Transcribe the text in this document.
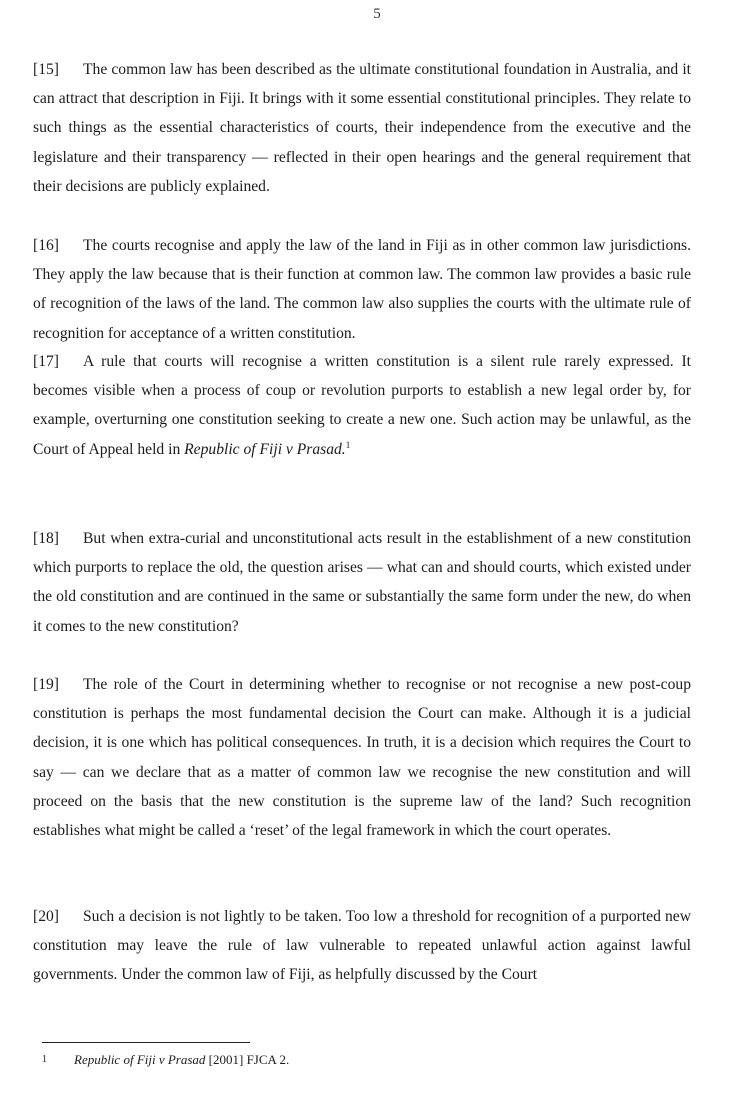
5
[15] The common law has been described as the ultimate constitutional foundation in Australia, and it can attract that description in Fiji. It brings with it some essential constitutional principles. They relate to such things as the essential characteristics of courts, their independence from the executive and the legislature and their transparency — reflected in their open hearings and the general requirement that their decisions are publicly explained.
[16] The courts recognise and apply the law of the land in Fiji as in other common law jurisdictions. They apply the law because that is their function at common law. The common law provides a basic rule of recognition of the laws of the land. The common law also supplies the courts with the ultimate rule of recognition for acceptance of a written constitution.
[17] A rule that courts will recognise a written constitution is a silent rule rarely expressed. It becomes visible when a process of coup or revolution purports to establish a new legal order by, for example, overturning one constitution seeking to create a new one. Such action may be unlawful, as the Court of Appeal held in Republic of Fiji v Prasad.$^1$
[18] But when extra-curial and unconstitutional acts result in the establishment of a new constitution which purports to replace the old, the question arises — what can and should courts, which existed under the old constitution and are continued in the same or substantially the same form under the new, do when it comes to the new constitution?
[19] The role of the Court in determining whether to recognise or not recognise a new post-coup constitution is perhaps the most fundamental decision the Court can make. Although it is a judicial decision, it is one which has political consequences. In truth, it is a decision which requires the Court to say — can we declare that as a matter of common law we recognise the new constitution and will proceed on the basis that the new constitution is the supreme law of the land? Such recognition establishes what might be called a ‘reset’ of the legal framework in which the court operates.
[20] Such a decision is not lightly to be taken. Too low a threshold for recognition of a purported new constitution may leave the rule of law vulnerable to repeated unlawful action against lawful governments. Under the common law of Fiji, as helpfully discussed by the Court
1 Republic of Fiji v Prasad [2001] FJCA 2.
